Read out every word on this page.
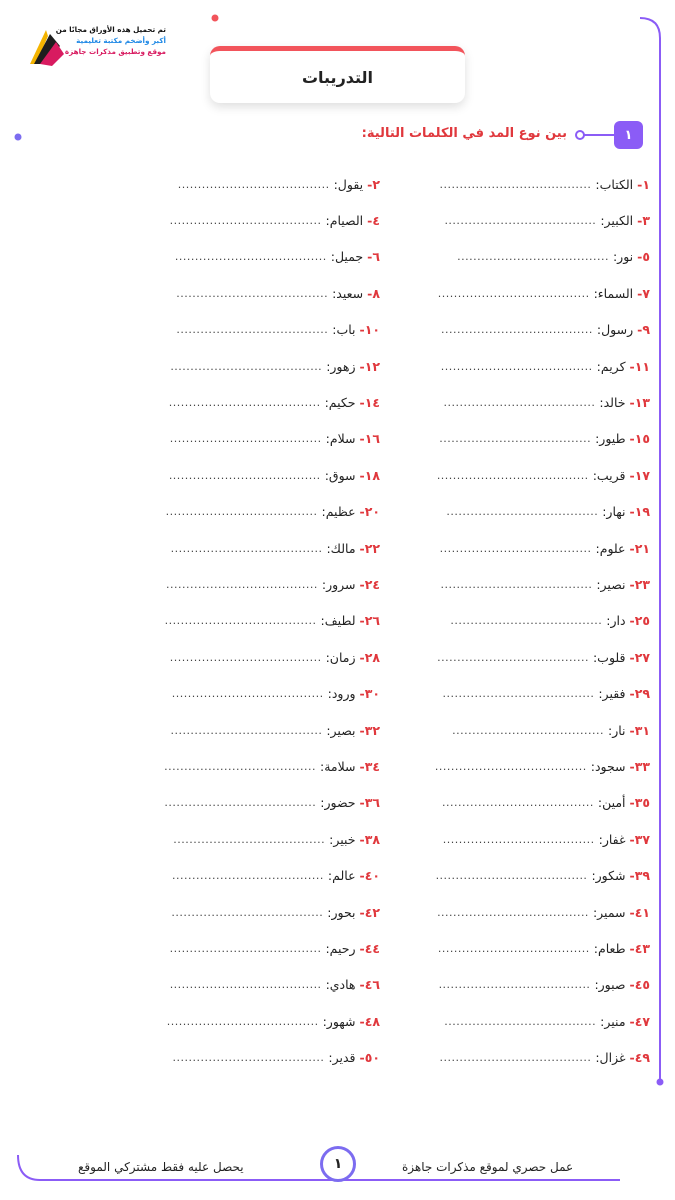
تم تحميل هذه الأوراق مجانًا من
أكبر وأضخم مكتبة تعليمية
موقع وتطبيق مذكرات جاهزة
التدريبات
١
بين نوع المد في الكلمات التالية:
١-
الكتاب:
......................................
٢-
يقول:
......................................
٣-
الكبير:
......................................
٤-
الصيام:
......................................
٥-
نور:
......................................
٦-
جميل:
......................................
٧-
السماء:
......................................
٨-
سعيد:
......................................
٩-
رسول:
......................................
١٠-
باب:
......................................
١١-
كريم:
......................................
١٢-
زهور:
......................................
١٣-
خالد:
......................................
١٤-
حكيم:
......................................
١٥-
طيور:
......................................
١٦-
سلام:
......................................
١٧-
قريب:
......................................
١٨-
سوق:
......................................
١٩-
نهار:
......................................
٢٠-
عظيم:
......................................
٢١-
علوم:
......................................
٢٢-
مالك:
......................................
٢٣-
نصير:
......................................
٢٤-
سرور:
......................................
٢٥-
دار:
......................................
٢٦-
لطيف:
......................................
٢٧-
قلوب:
......................................
٢٨-
زمان:
......................................
٢٩-
فقير:
......................................
٣٠-
ورود:
......................................
٣١-
نار:
......................................
٣٢-
بصير:
......................................
٣٣-
سجود:
......................................
٣٤-
سلامة:
......................................
٣٥-
أمين:
......................................
٣٦-
حضور:
......................................
٣٧-
غفار:
......................................
٣٨-
خبير:
......................................
٣٩-
شكور:
......................................
٤٠-
عالم:
......................................
٤١-
سمير:
......................................
٤٢-
بحور:
......................................
٤٣-
طعام:
......................................
٤٤-
رحيم:
......................................
٤٥-
صبور:
......................................
٤٦-
هادي:
......................................
٤٧-
منير:
......................................
٤٨-
شهور:
......................................
٤٩-
غزال:
......................................
٥٠-
قدير:
......................................
يحصل عليه فقط مشتركي الموقع	١	عمل حصري لموقع مذكرات جاهزة
